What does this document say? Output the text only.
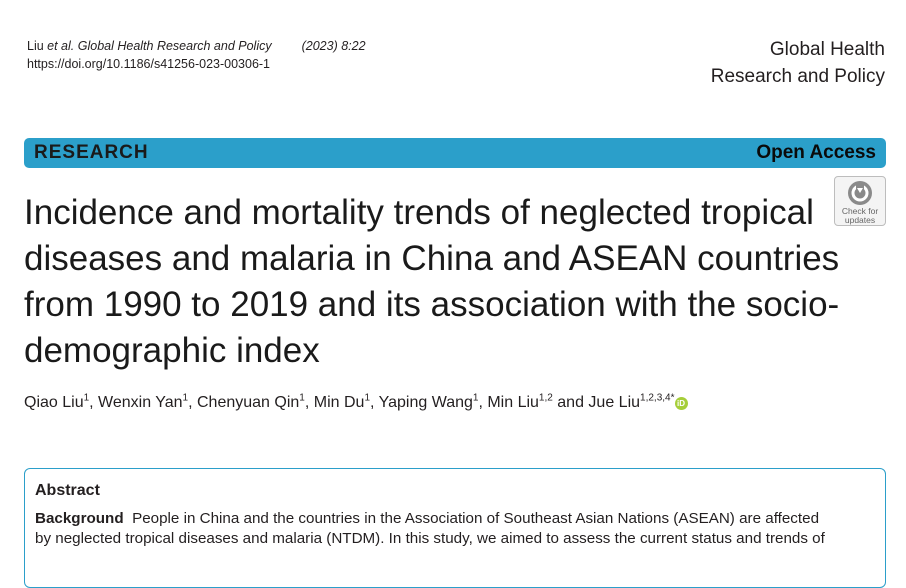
Liu et al. Global Health Research and Policy (2023) 8:22
https://doi.org/10.1186/s41256-023-00306-1
Global Health
Research and Policy
RESEARCH	Open Access
Check for
updates
Incidence and mortality trends of neglected tropical diseases and malaria in China and ASEAN countries from 1990 to 2019 and its association with the socio-demographic index
Qiao Liu$^1$, Wenxin Yan$^1$, Chenyuan Qin$^1$, Min Du$^1$, Yaping Wang$^1$, Min Liu$^{1,2}$ and Jue Liu$^{1,2,3,4*}$ iD
Abstract
Background People in China and the countries in the Association of Southeast Asian Nations (ASEAN) are affected
by neglected tropical diseases and malaria (NTDM). In this study, we aimed to assess the current status and trends of
